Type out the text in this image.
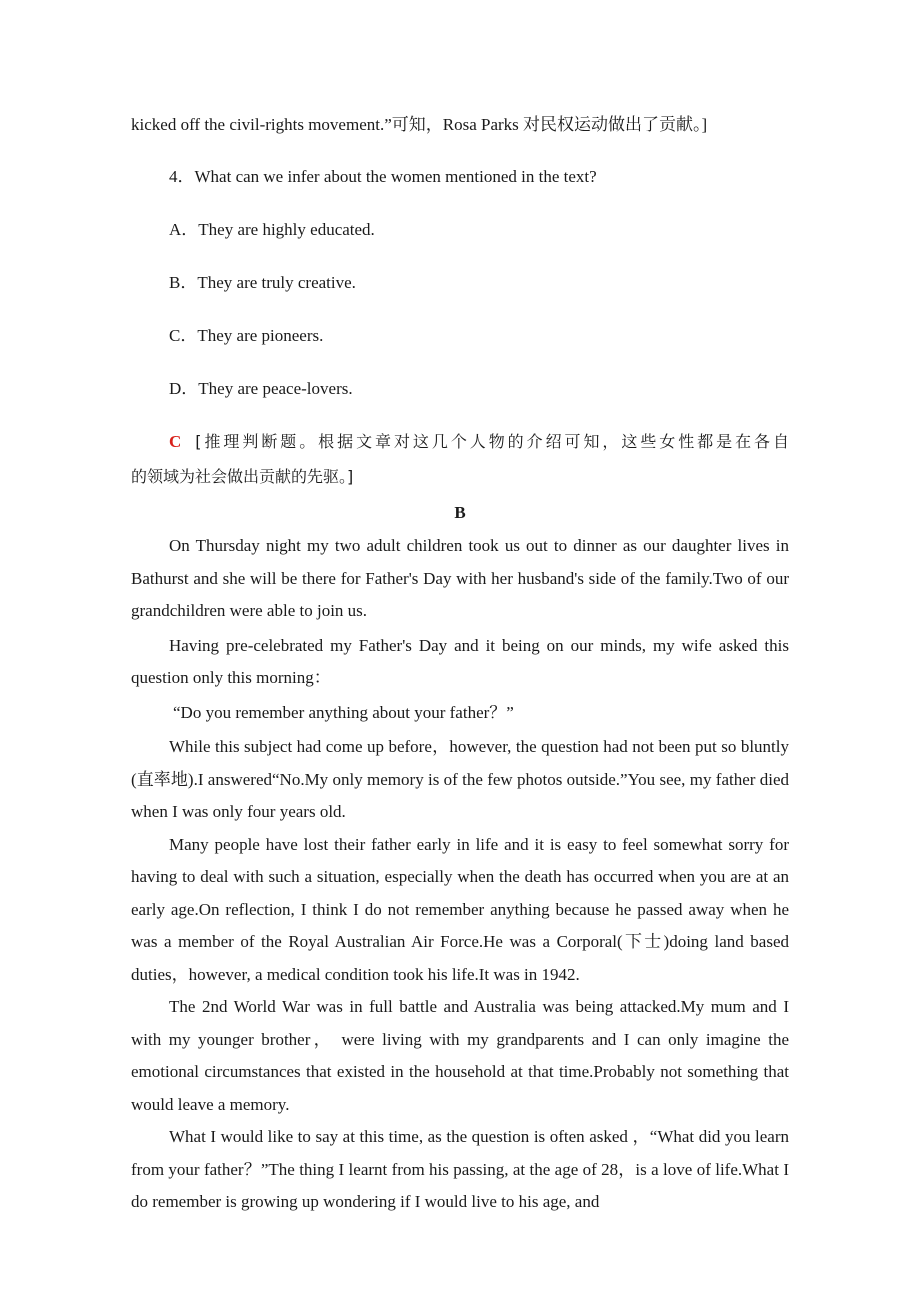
kicked off the civil‑rights movement.”可知，Rosa Parks 对民权运动做出了贡献。]

4．What can we infer about the women mentioned in the text?

A．They are highly educated.

B．They are truly creative.

C．They are pioneers.

D．They are peace‑lovers.

C [推理判断题。根据文章对这几个人物的介绍可知，这些女性都是在各自

的领域为社会做出贡献的先驱。]

B

On Thursday night my two adult children took us out to dinner as our daughter lives in Bathurst and she will be there for Father's Day with her husband's side of the family.Two of our grandchildren were able to join us.

Having pre‑celebrated my Father's Day and it being on our minds, my wife asked this question only this morning：

“Do you remember anything about your father？”

While this subject had come up before，however, the question had not been put so bluntly (直率地).I answered“No.My only memory is of the few photos outside.”You see, my father died when I was only four years old.

Many people have lost their father early in life and it is easy to feel somewhat sorry for having to deal with such a situation, especially when the death has occurred when you are at an early age.On reflection, I think I do not remember anything because he passed away when he was a member of the Royal Australian Air Force.He was a Corporal(下士)doing land based duties，however, a medical condition took his life.It was in 1942.

The 2nd World War was in full battle and Australia was being attacked.My mum and I with my younger brother， were living with my grandparents and I can only imagine the emotional circumstances that existed in the household at that time.Probably not something that would leave a memory.

What I would like to say at this time, as the question is often asked ，“What did you learn from your father？”The thing I learnt from his passing, at the age of 28，is a love of life.What I do remember is growing up wondering if I would live to his age, and
